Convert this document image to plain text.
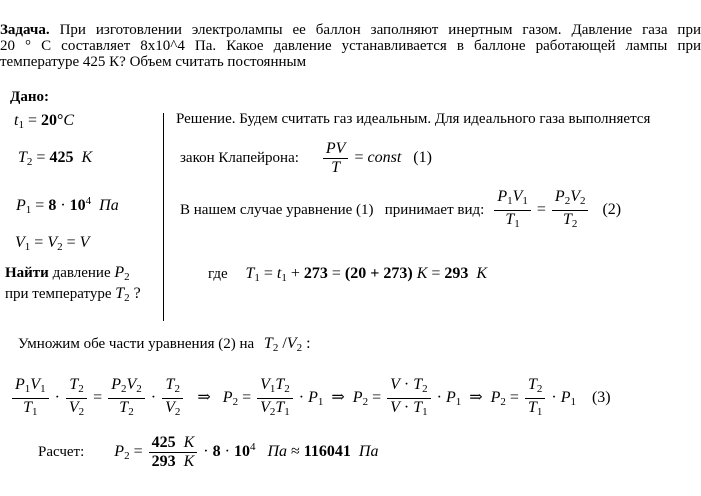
Задача. При изготовлении электролампы ее баллон заполняют инертным газом. Давление газа при
20 ° С составляет 8х10^4 Па. Какое давление устанавливается в баллоне работающей лампы при
температуре 425 К? Объем считать постоянным
Дано:
t1 = 20°C
T2 = 425 K
$P1 = 8 \cdot 10^4$ Па
V1 = V2 = V
Найти давление P2
при температуре T2 ?
Решение. Будем считать газ идеальным. Для идеального газа выполняется
закон Клапейрона: $\frac{PV}{T}$ = const   (1)
В нашем случае уравнение (1)   принимает вид: $\frac{P1V1}{T1} = \frac{P2V2}{T2} (2)$
где T1 = t1 + 273 = (20 + 273) K = 293 K
Умножим обе части уравнения (2) на T2 /V2 :
$\frac{P1V1}{T1} \cdot \frac{T2}{V2} = \frac{P2V2}{T2} \cdot \frac{T2}{V2}$ ⇒   $P2 = \frac{V1T2}{V2T1} \cdot P1$  ⇒  $P2 = \frac{V \cdot T2}{V \cdot T1} \cdot P1$  ⇒  $P2 = \frac{T2}{T1} \cdot P1$    (3)
Расчет: $P2 = \frac{425 K}{293 K} \cdot 8 \cdot 10^4$ Па ≈ 116041 Па
